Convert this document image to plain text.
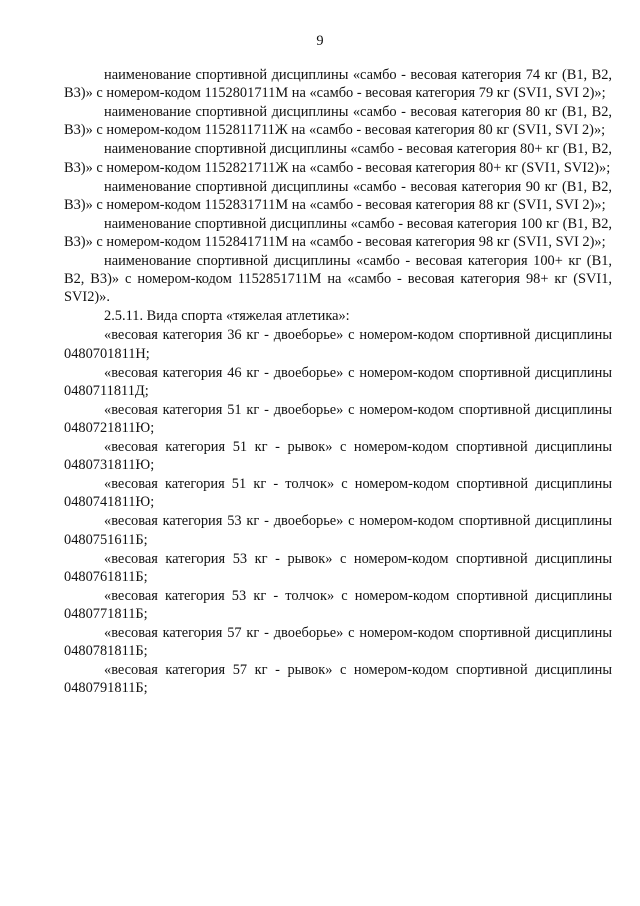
9

наименование спортивной дисциплины «самбо - весовая категория 74 кг (B1, B2, B3)» с номером-кодом 1152801711М на «самбо - весовая категория 79 кг (SVI1, SVI 2)»;

наименование спортивной дисциплины «самбо - весовая категория 80 кг (B1, B2, B3)» с номером-кодом 1152811711Ж на «самбо - весовая категория 80 кг (SVI1, SVI 2)»;

наименование спортивной дисциплины «самбо - весовая категория 80+ кг (B1, B2, B3)» с номером-кодом 1152821711Ж на «самбо - весовая категория 80+ кг (SVI1, SVI2)»;

наименование спортивной дисциплины «самбо - весовая категория 90 кг (B1, B2, B3)» с номером-кодом 1152831711М на «самбо - весовая категория 88 кг (SVI1, SVI 2)»;

наименование спортивной дисциплины «самбо - весовая категория 100 кг (B1, B2, B3)» с номером-кодом 1152841711М на «самбо - весовая категория 98 кг (SVI1, SVI 2)»;

наименование спортивной дисциплины «самбо - весовая категория 100+ кг (B1, B2, B3)» с номером-кодом 1152851711М на «самбо - весовая категория 98+ кг (SVI1, SVI2)».

2.5.11. Вида спорта «тяжелая атлетика»:

«весовая категория 36 кг - двоеборье» с номером-кодом спортивной дисциплины 0480701811Н;

«весовая категория 46 кг - двоеборье» с номером-кодом спортивной дисциплины 0480711811Д;

«весовая категория 51 кг - двоеборье» с номером-кодом спортивной дисциплины 0480721811Ю;

«весовая категория 51 кг - рывок» с номером-кодом спортивной дисциплины 0480731811Ю;

«весовая категория 51 кг - толчок» с номером-кодом спортивной дисциплины 0480741811Ю;

«весовая категория 53 кг - двоеборье» с номером-кодом спортивной дисциплины 0480751611Б;

«весовая категория 53 кг - рывок» с номером-кодом спортивной дисциплины 0480761811Б;

«весовая категория 53 кг - толчок» с номером-кодом спортивной дисциплины 0480771811Б;

«весовая категория 57 кг - двоеборье» с номером-кодом спортивной дисциплины 0480781811Б;

«весовая категория 57 кг - рывок» с номером-кодом спортивной дисциплины 0480791811Б;
